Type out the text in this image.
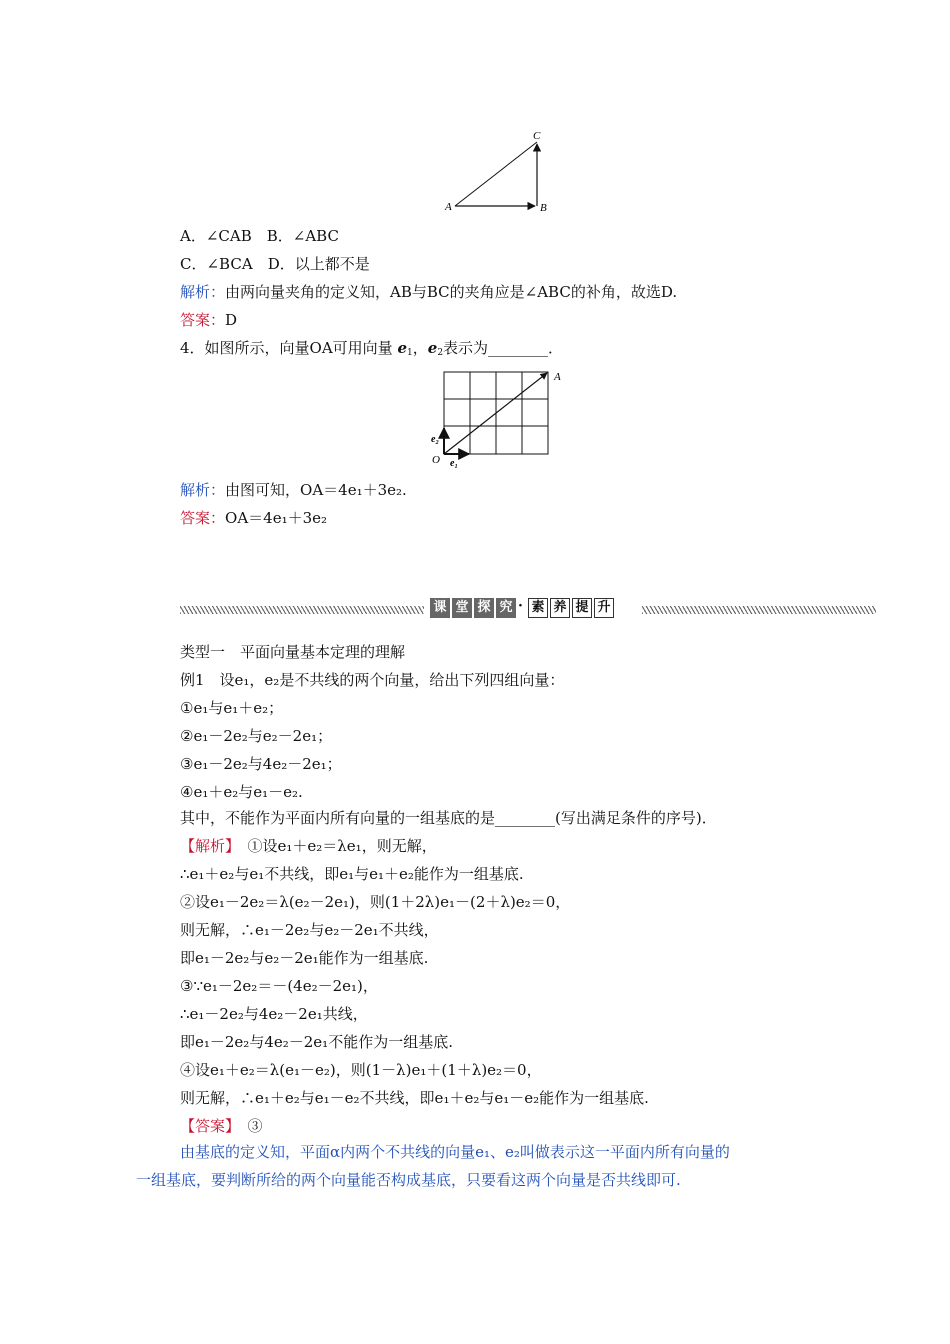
A	B
C
A．∠CAB　 B．∠ABC
C．∠BCA　 D．以上都不是
解析：由两向量夹角的定义知，AB与BC的夹角应是∠ABC的补角，故选D.
答案：D
4．如图所示，向量OA可用向量 $e_1$，$e_2$表示为________．
A
O e₁
e₂
解析：由图可知，OA＝4e₁＋3e₂.
答案：OA＝4e₁＋3e₂
课 堂 探 究 · 素 养 提 升
类型一　平面向量基本定理的理解
例1　设e₁，e₂是不共线的两个向量，给出下列四组向量：
①e₁与e₁＋e₂；
②e₁－2e₂与e₂－2e₁；
③e₁－2e₂与4e₂－2e₁；
④e₁＋e₂与e₁－e₂.
其中，不能作为平面内所有向量的一组基底的是________(写出满足条件的序号)．
【解析】　①设e₁＋e₂＝λe₁，则无解，
∴e₁＋e₂与e₁不共线，即e₁与e₁＋e₂能作为一组基底.
②设e₁－2e₂＝λ(e₂－2e₁)，则(1＋2λ)e₁－(2＋λ)e₂＝0，
则无解，∴e₁－2e₂与e₂－2e₁不共线，
即e₁－2e₂与e₂－2e₁能作为一组基底.
③∵e₁－2e₂＝－(4e₂－2e₁)，
∴e₁－2e₂与4e₂－2e₁共线，
即e₁－2e₂与4e₂－2e₁不能作为一组基底.
④设e₁＋e₂＝λ(e₁－e₂)，则(1－λ)e₁＋(1＋λ)e₂＝0，
则无解，∴e₁＋e₂与e₁－e₂不共线，即e₁＋e₂与e₁－e₂能作为一组基底.
【答案】　③
由基底的定义知，平面α内两个不共线的向量e₁、e₂叫做表示这一平面内所有向量的
一组基底，要判断所给的两个向量能否构成基底，只要看这两个向量是否共线即可.
